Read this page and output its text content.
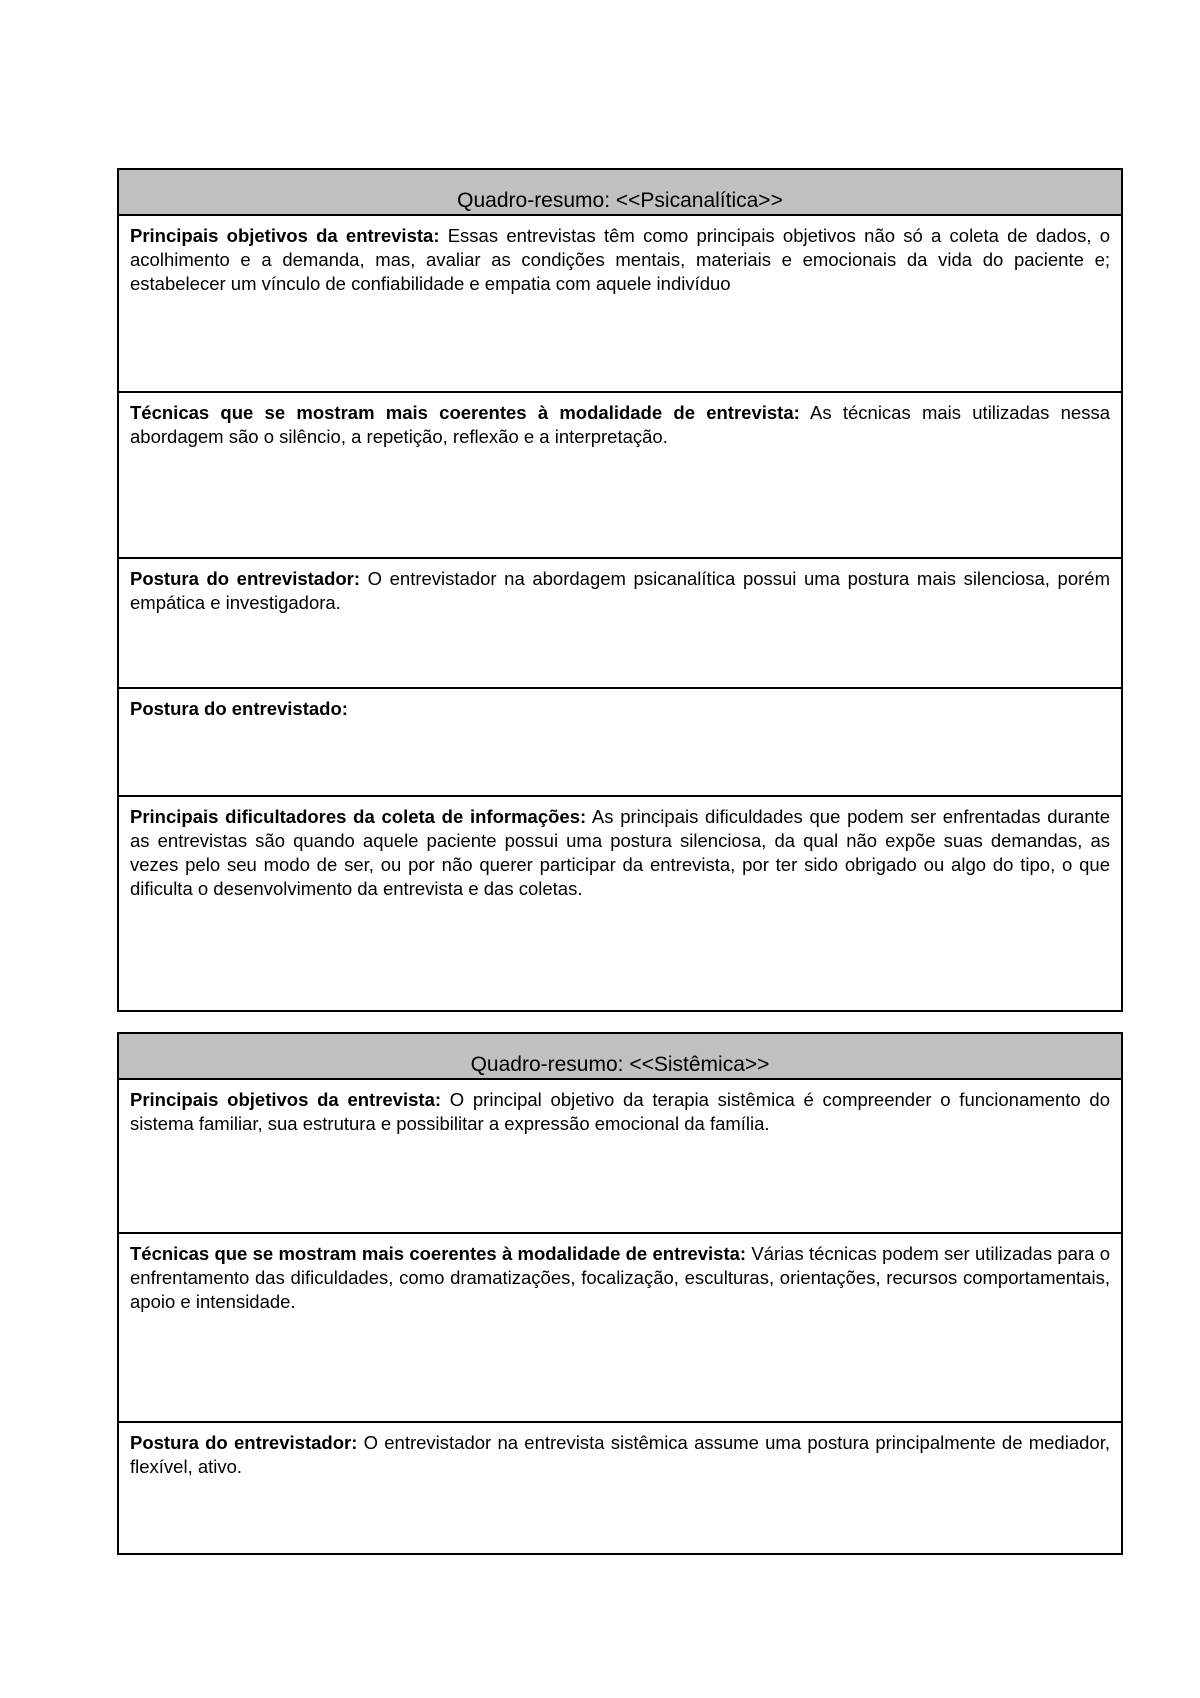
Quadro-resumo: <<Psicanalítica>>
Principais objetivos da entrevista: Essas entrevistas têm como principais objetivos não só a coleta de dados, o acolhimento e a demanda, mas, avaliar as condições mentais, materiais e emocionais da vida do paciente e; estabelecer um vínculo de confiabilidade e empatia com aquele indivíduo
Técnicas que se mostram mais coerentes à modalidade de entrevista: As técnicas mais utilizadas nessa abordagem são o silêncio, a repetição, reflexão e a interpretação.
Postura do entrevistador: O entrevistador na abordagem psicanalítica possui uma postura mais silenciosa, porém empática e investigadora.
Postura do entrevistado:
Principais dificultadores da coleta de informações: As principais dificuldades que podem ser enfrentadas durante as entrevistas são quando aquele paciente possui uma postura silenciosa, da qual não expõe suas demandas, as vezes pelo seu modo de ser, ou por não querer participar da entrevista, por ter sido obrigado ou algo do tipo, o que dificulta o desenvolvimento da entrevista e das coletas.
Quadro-resumo: <<Sistêmica>>
Principais objetivos da entrevista: O principal objetivo da terapia sistêmica é compreender o funcionamento do sistema familiar, sua estrutura e possibilitar a expressão emocional da família.
Técnicas que se mostram mais coerentes à modalidade de entrevista: Várias técnicas podem ser utilizadas para o enfrentamento das dificuldades, como dramatizações, focalização, esculturas, orientações, recursos comportamentais, apoio e intensidade.
Postura do entrevistador: O entrevistador na entrevista sistêmica assume uma postura principalmente de mediador, flexível, ativo.
